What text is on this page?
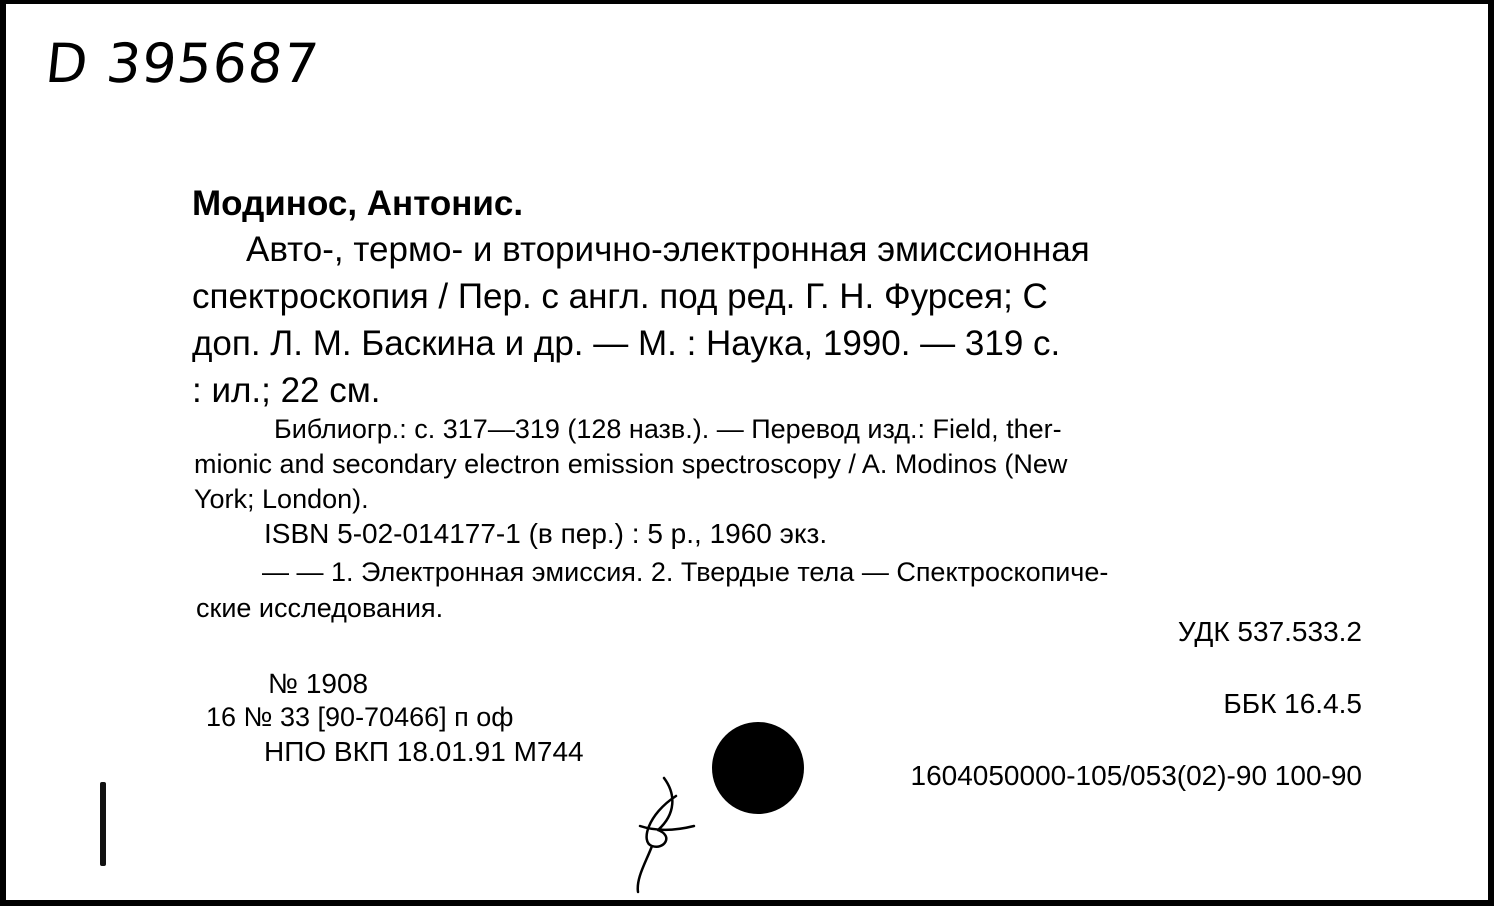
D 395687
Модинос, Антонис.
Авто-, термо- и вторично-электронная эмиссионная
спектроскопия / Пер. с англ. под ред. Г. Н. Фурсея; С
доп. Л. М. Баскина и др. — М. : Наука, 1990. — 319 с.
: ил.; 22 см.
Библиогр.: с. 317—319 (128 назв.). — Перевод изд.: Field, ther-
mionic and secondary electron emission spectroscopy / A. Modinos (New
York; London).
ISBN 5-02-014177-1 (в пер.) : 5 р., 1960 экз.
— — 1. Электронная эмиссия. 2. Твердые тела — Спектроскопиче-
ские исследования.
УДК 537.533.2
ББК 16.4.5
№ 1908
16 № 33 [90-70466] п оф
НПО ВКП 18.01.91 М744
1604050000-105/053(02)-90 100-90
